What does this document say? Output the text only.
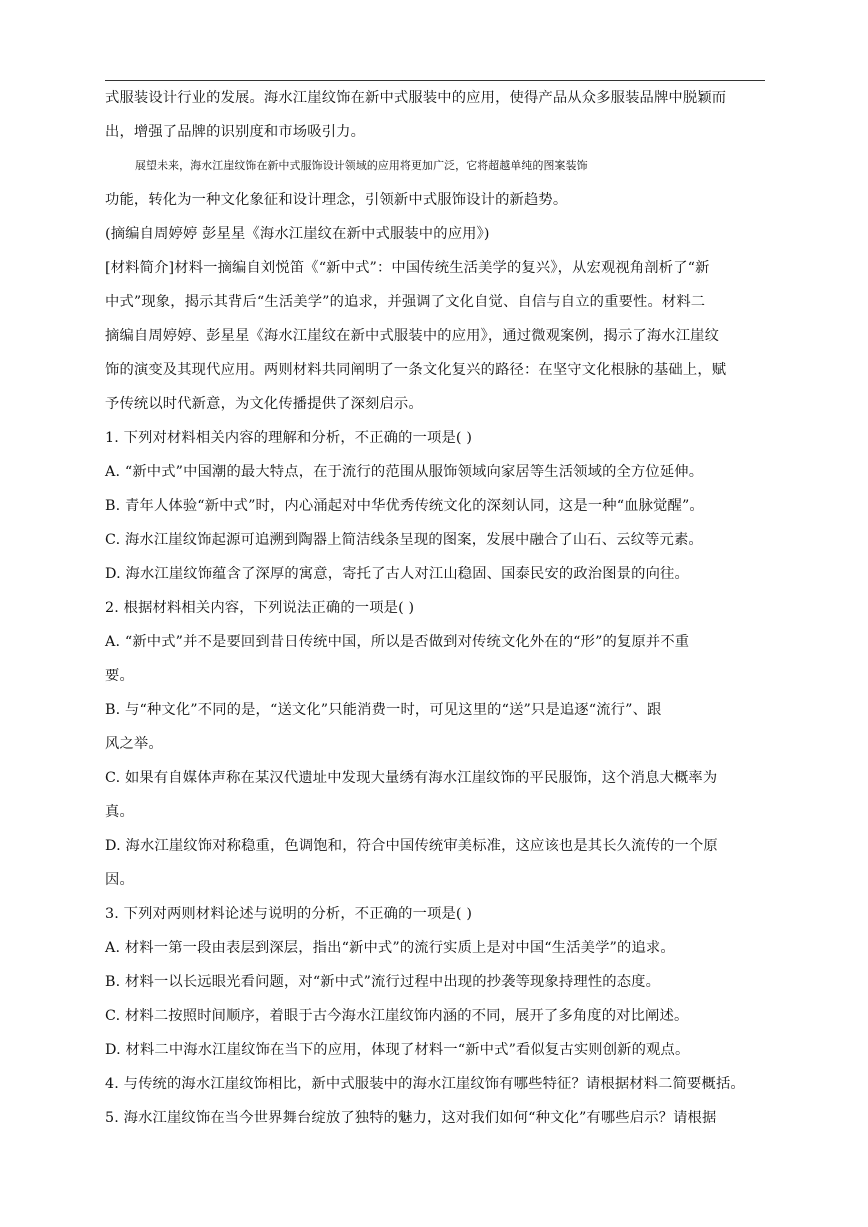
式服装设计行业的发展。海水江崖纹饰在新中式服装中的应用，使得产品从众多服装品牌中脱颖而
出，增强了品牌的识别度和市场吸引力。
展望未来，海水江崖纹饰在新中式服饰设计领域的应用将更加广泛，它将超越单纯的图案装饰
功能，转化为一种文化象征和设计理念，引领新中式服饰设计的新趋势。
(摘编自周婷婷 彭星星《海水江崖纹在新中式服装中的应用》)
[材料简介]材料一摘编自刘悦笛《“新中式”：中国传统生活美学的复兴》，从宏观视角剖析了“新
中式”现象，揭示其背后“生活美学”的追求，并强调了文化自觉、自信与自立的重要性。材料二
摘编自周婷婷、彭星星《海水江崖纹在新中式服装中的应用》，通过微观案例，揭示了海水江崖纹
饰的演变及其现代应用。两则材料共同阐明了一条文化复兴的路径：在坚守文化根脉的基础上，赋
予传统以时代新意，为文化传播提供了深刻启示。
1. 下列对材料相关内容的理解和分析，不正确的一项是( )
A. “新中式”中国潮的最大特点，在于流行的范围从服饰领域向家居等生活领域的全方位延伸。
B. 青年人体验“新中式”时，内心涌起对中华优秀传统文化的深刻认同，这是一种“血脉觉醒”。
C. 海水江崖纹饰起源可追溯到陶器上简洁线条呈现的图案，发展中融合了山石、云纹等元素。
D. 海水江崖纹饰蕴含了深厚的寓意，寄托了古人对江山稳固、国泰民安的政治图景的向往。
2. 根据材料相关内容，下列说法正确的一项是( )
A. “新中式”并不是要回到昔日传统中国，所以是否做到对传统文化外在的“形”的复原并不重
要。
B. 与“种文化”不同的是，“送文化”只能消费一时，可见这里的“送”只是追逐“流行”、跟
风之举。
C. 如果有自媒体声称在某汉代遗址中发现大量绣有海水江崖纹饰的平民服饰，这个消息大概率为
真。
D. 海水江崖纹饰对称稳重，色调饱和，符合中国传统审美标准，这应该也是其长久流传的一个原
因。
3. 下列对两则材料论述与说明的分析，不正确的一项是( )
A. 材料一第一段由表层到深层，指出“新中式”的流行实质上是对中国“生活美学”的追求。
B. 材料一以长远眼光看问题，对“新中式”流行过程中出现的抄袭等现象持理性的态度。
C. 材料二按照时间顺序，着眼于古今海水江崖纹饰内涵的不同，展开了多角度的对比阐述。
D. 材料二中海水江崖纹饰在当下的应用，体现了材料一“新中式”看似复古实则创新的观点。
4. 与传统的海水江崖纹饰相比，新中式服装中的海水江崖纹饰有哪些特征？请根据材料二简要概括。
5. 海水江崖纹饰在当今世界舞台绽放了独特的魅力，这对我们如何“种文化”有哪些启示？请根据
